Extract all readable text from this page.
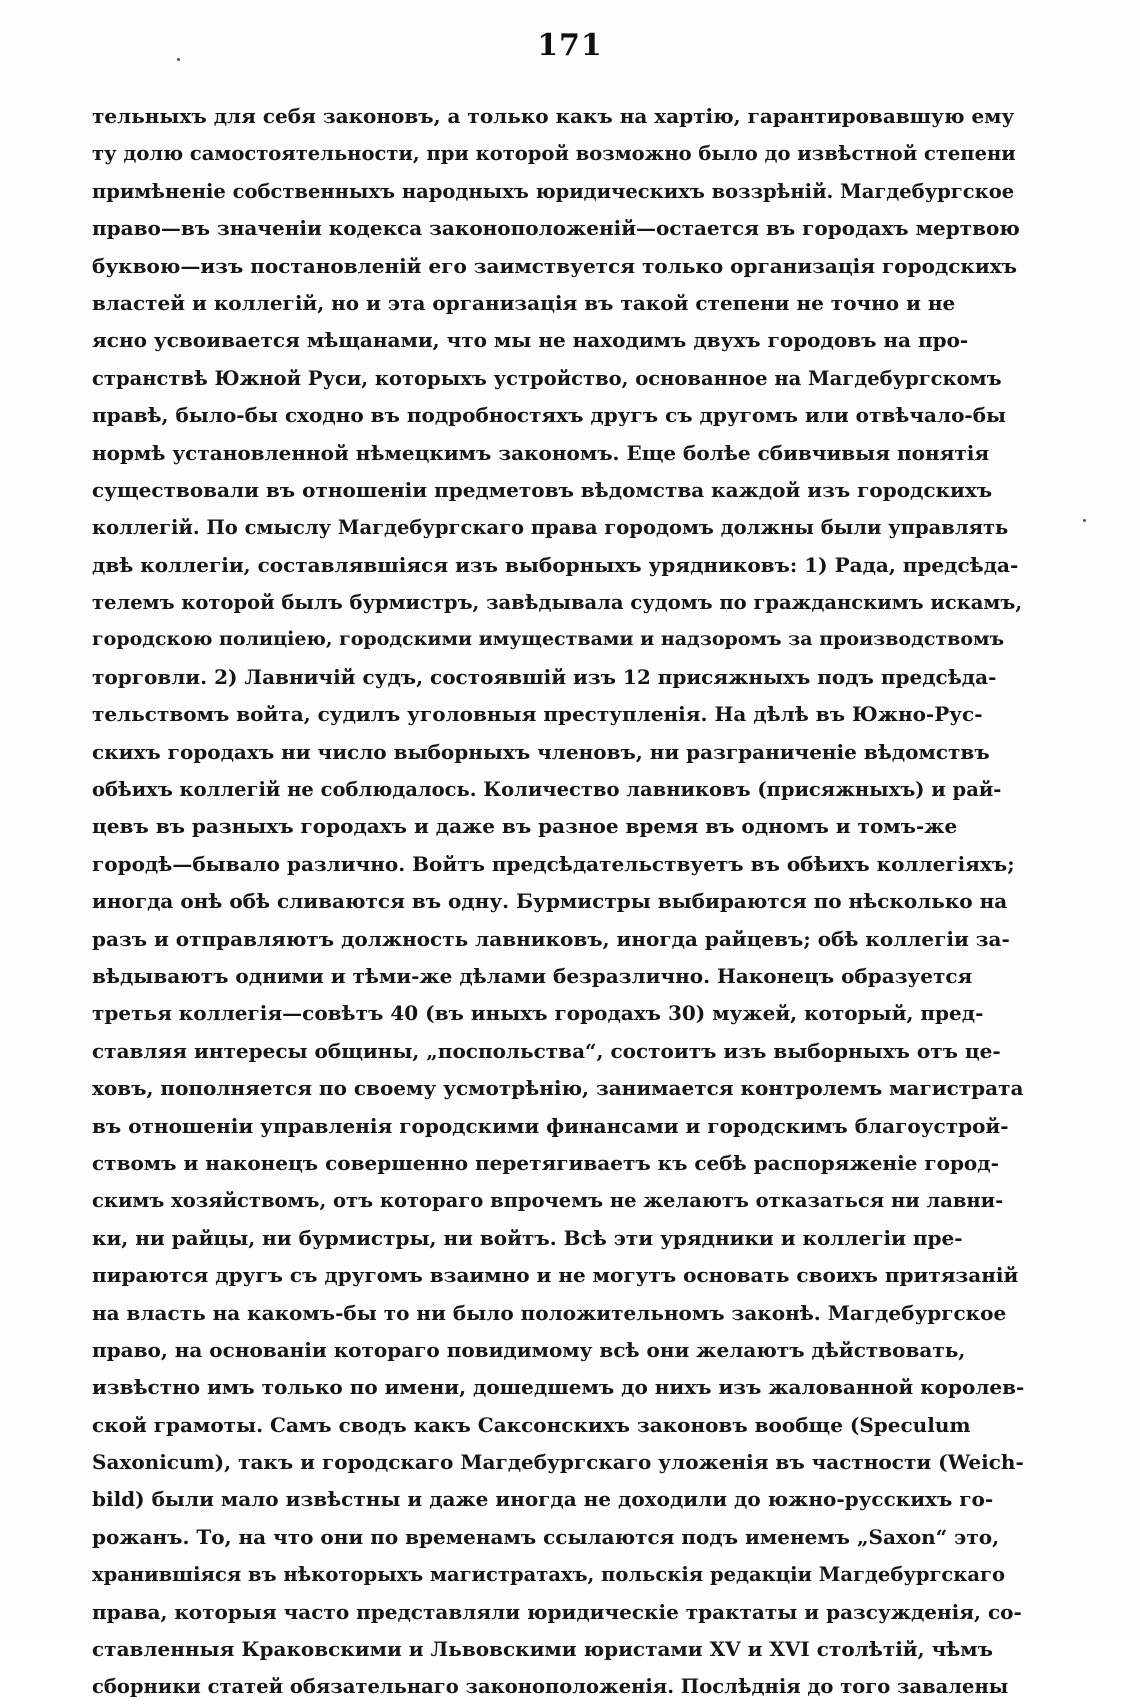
171
тельныхъ для себя законовъ, а только какъ на хартію, гарантировавшую ему
ту долю самостоятельности, при которой возможно было до извѣстной степени
примѣненіе собственныхъ народныхъ юридическихъ воззрѣній. Магдебургское
право—въ значеніи кодекса законоположеній—остается въ городахъ мертвою
буквою—изъ постановленій его заимствуется только организація городскихъ
властей и коллегій, но и эта организація въ такой степени не точно и не
ясно усвоивается мѣщанами, что мы не находимъ двухъ городовъ на про-
странствѣ Южной Руси, которыхъ устройство, основанное на Магдебургскомъ
правѣ, было-бы сходно въ подробностяхъ другъ съ другомъ или отвѣчало-бы
нормѣ установленной нѣмецкимъ закономъ. Еще болѣе сбивчивыя понятія
существовали въ отношеніи предметовъ вѣдомства каждой изъ городскихъ
коллегій. По смыслу Магдебургскаго права городомъ должны были управлять
двѣ коллегіи, составлявшіяся изъ выборныхъ урядниковъ: 1) Рада, предсѣда-
телемъ которой былъ бурмистръ, завѣдывала судомъ по гражданскимъ искамъ,
городскою полиціею, городскими имуществами и надзоромъ за производствомъ
торговли. 2) Лавничій судъ, состоявшій изъ 12 присяжныхъ подъ предсѣда-
тельствомъ войта, судилъ уголовныя преступленія. На дѣлѣ въ Южно-Рус-
скихъ городахъ ни число выборныхъ членовъ, ни разграниченіе вѣдомствъ
обѣихъ коллегій не соблюдалось. Количество лавниковъ (присяжныхъ) и рай-
цевъ въ разныхъ городахъ и даже въ разное время въ одномъ и томъ-же
городѣ—бывало различно. Войтъ предсѣдательствуетъ въ обѣихъ коллегіяхъ;
иногда онѣ обѣ сливаются въ одну. Бурмистры выбираются по нѣсколько на
разъ и отправляютъ должность лавниковъ, иногда райцевъ; обѣ коллегіи за-
вѣдываютъ одними и тѣми-же дѣлами безразлично. Наконецъ образуется
третья коллегія—совѣтъ 40 (въ иныхъ городахъ 30) мужей, который, пред-
ставляя интересы общины, „поспольства“, состоитъ изъ выборныхъ отъ це-
ховъ, пополняется по своему усмотрѣнію, занимается контролемъ магистрата
въ отношеніи управленія городскими финансами и городскимъ благоустрой-
ствомъ и наконецъ совершенно перетягиваетъ къ себѣ распоряженіе город-
скимъ хозяйствомъ, отъ котораго впрочемъ не желаютъ отказаться ни лавни-
ки, ни райцы, ни бурмистры, ни войтъ. Всѣ эти урядники и коллегіи пре-
пираются другъ съ другомъ взаимно и не могутъ основать своихъ притязаній
на власть на какомъ-бы то ни было положительномъ законѣ. Магдебургское
право, на основаніи котораго повидимому всѣ они желаютъ дѣйствовать,
извѣстно имъ только по имени, дошедшемъ до нихъ изъ жалованной королев-
ской грамоты. Самъ сводъ какъ Саксонскихъ законовъ вообще (Speculum
Saxonicum), такъ и городскаго Магдебургскаго уложенія въ частности (Weich-
bild) были мало извѣстны и даже иногда не доходили до южно-русскихъ го-
рожанъ. То, на что они по временамъ ссылаются подъ именемъ „Saxon“ это,
хранившіяся въ нѣкоторыхъ магистратахъ, польскія редакціи Магдебургскаго
права, которыя часто представляли юридическіе трактаты и разсужденія, со-
ставленныя Краковскими и Львовскими юристами XV и XVI столѣтій, чѣмъ
сборники статей обязательнаго законоположенія. Послѣднія до того завалены
